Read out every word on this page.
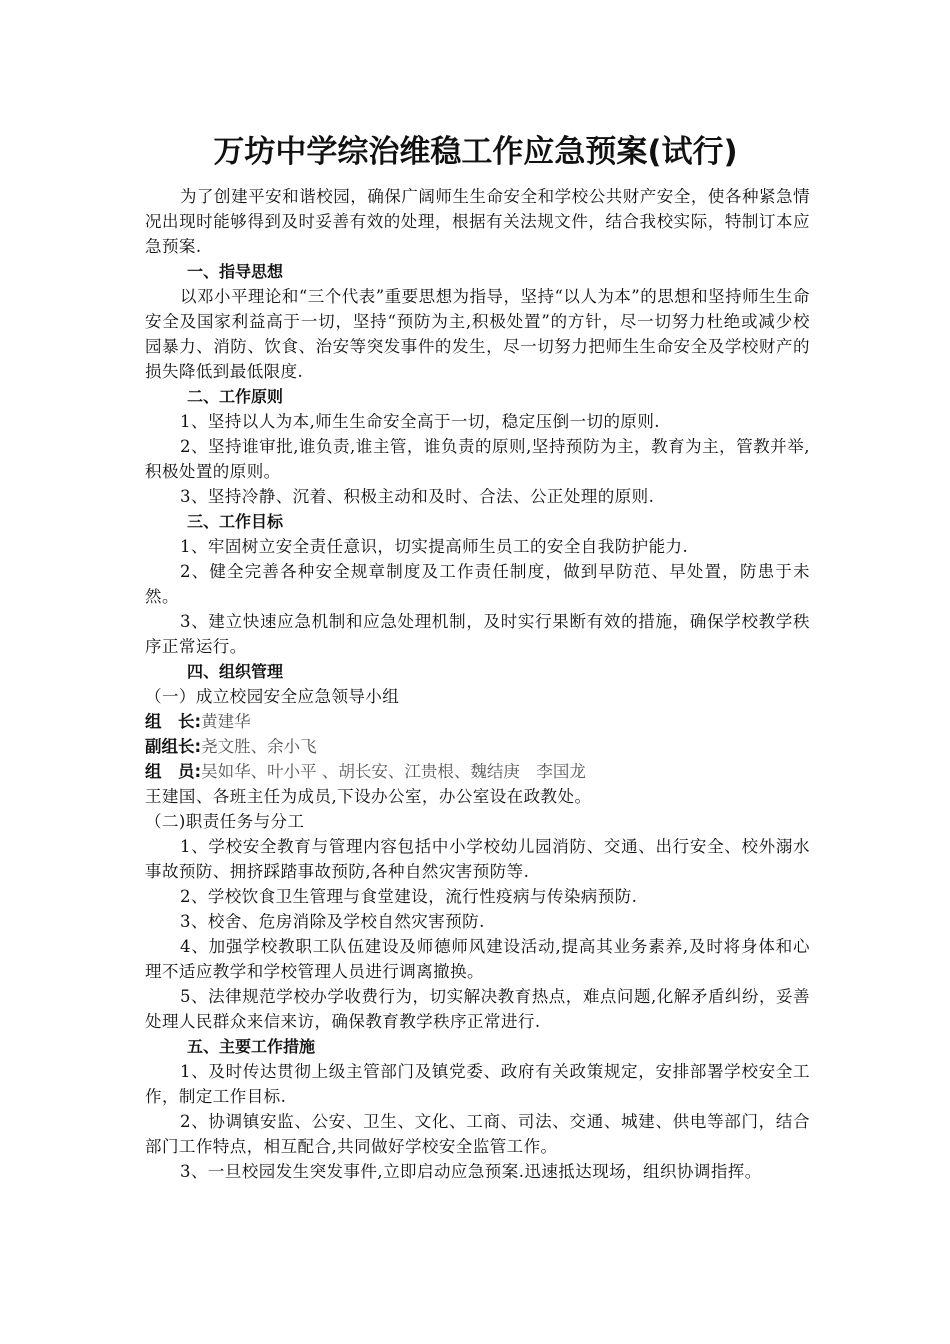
万坊中学综治维稳工作应急预案(试行)
为了创建平安和谐校园，确保广阔师生生命安全和学校公共财产安全，使各种紧急情况出现时能够得到及时妥善有效的处理，根据有关法规文件，结合我校实际，特制订本应急预案.
一、指导思想
以邓小平理论和“三个代表”重要思想为指导，坚持“以人为本”的思想和坚持师生生命安全及国家利益高于一切，坚持“预防为主,积极处置”的方针，尽一切努力杜绝或减少校园暴力、消防、饮食、治安等突发事件的发生，尽一切努力把师生生命安全及学校财产的损失降低到最低限度.
二、工作原则
1、坚持以人为本,师生生命安全高于一切，稳定压倒一切的原则.
2、坚持谁审批,谁负责,谁主管，谁负责的原则,坚持预防为主，教育为主，管教并举,积极处置的原则。
3、坚持冷静、沉着、积极主动和及时、合法、公正处理的原则.
三、工作目标
1、牢固树立安全责任意识，切实提高师生员工的安全自我防护能力.
2、健全完善各种安全规章制度及工作责任制度，做到早防范、早处置，防患于未然。
3、建立快速应急机制和应急处理机制，及时实行果断有效的措施，确保学校教学秩序正常运行。
四、组织管理
（一）成立校园安全应急领导小组
组　长:黄建华
副组长:尧文胜、余小飞
组　员:吴如华、叶小平 、胡长安、江贵根、魏结庚　李国龙
王建国、各班主任为成员,下设办公室，办公室设在政教处。
（二)职责任务与分工
1、学校安全教育与管理内容包括中小学校幼儿园消防、交通、出行安全、校外溺水事故预防、拥挤踩踏事故预防,各种自然灾害预防等.
2、学校饮食卫生管理与食堂建设，流行性疫病与传染病预防.
3、校舍、危房消除及学校自然灾害预防.
4、加强学校教职工队伍建设及师德师风建设活动,提高其业务素养,及时将身体和心理不适应教学和学校管理人员进行调离撤换。
5、法律规范学校办学收费行为，切实解决教育热点，难点问题,化解矛盾纠纷，妥善处理人民群众来信来访，确保教育教学秩序正常进行.
五、主要工作措施
1、及时传达贯彻上级主管部门及镇党委、政府有关政策规定，安排部署学校安全工作，制定工作目标.
2、协调镇安监、公安、卫生、文化、工商、司法、交通、城建、供电等部门，结合部门工作特点，相互配合,共同做好学校安全监管工作。
3、一旦校园发生突发事件,立即启动应急预案.迅速抵达现场，组织协调指挥。
